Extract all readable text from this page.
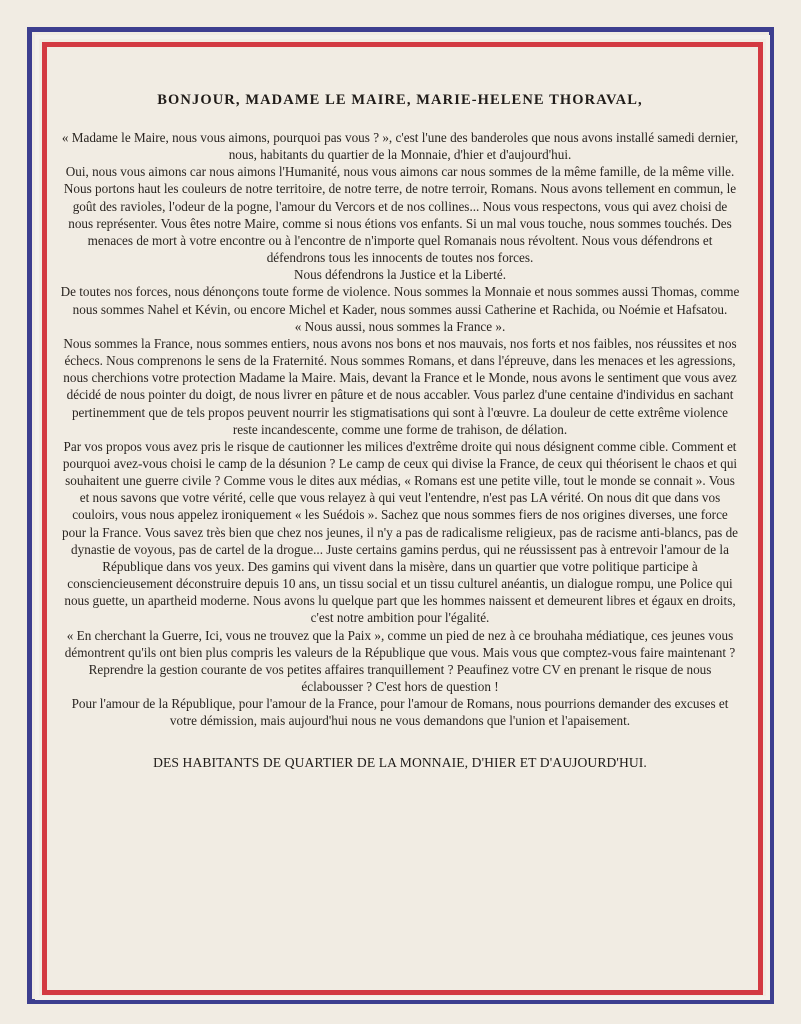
BONJOUR, MADAME LE MAIRE, MARIE-HELENE THORAVAL,

« Madame le Maire, nous vous aimons, pourquoi pas vous ? », c'est l'une des banderoles que nous avons installé samedi dernier, nous, habitants du quartier de la Monnaie, d'hier et d'aujourd'hui.

Oui, nous vous aimons car nous aimons l'Humanité, nous vous aimons car nous sommes de la même famille, de la même ville. Nous portons haut les couleurs de notre territoire, de notre terre, de notre terroir, Romans. Nous avons tellement en commun, le goût des ravioles, l'odeur de la pogne, l'amour du Vercors et de nos collines... Nous vous respectons, vous qui avez choisi de nous représenter. Vous êtes notre Maire, comme si nous étions vos enfants. Si un mal vous touche, nous sommes touchés. Des menaces de mort à votre encontre ou à l'encontre de n'importe quel Romanais nous révoltent. Nous vous défendrons et défendrons tous les innocents de toutes nos forces.

Nous défendrons la Justice et la Liberté.

De toutes nos forces, nous dénonçons toute forme de violence. Nous sommes la Monnaie et nous sommes aussi Thomas, comme nous sommes Nahel et Kévin, ou encore Michel et Kader, nous sommes aussi Catherine et Rachida, ou Noémie et Hafsatou.

« Nous aussi, nous sommes la France ».

Nous sommes la France, nous sommes entiers, nous avons nos bons et nos mauvais, nos forts et nos faibles, nos réussites et nos échecs. Nous comprenons le sens de la Fraternité. Nous sommes Romans, et dans l'épreuve, dans les menaces et les agressions, nous cherchions votre protection Madame la Maire. Mais, devant la France et le Monde, nous avons le sentiment que vous avez décidé de nous pointer du doigt, de nous livrer en pâture et de nous accabler. Vous parlez d'une centaine d'individus en sachant pertinemment que de tels propos peuvent nourrir les stigmatisations qui sont à l'œuvre. La douleur de cette extrême violence reste incandescente, comme une forme de trahison, de délation.

Par vos propos vous avez pris le risque de cautionner les milices d'extrême droite qui nous désignent comme cible. Comment et pourquoi avez-vous choisi le camp de la désunion ? Le camp de ceux qui divise la France, de ceux qui théorisent le chaos et qui souhaitent une guerre civile ? Comme vous le dites aux médias, « Romans est une petite ville, tout le monde se connait ». Vous et nous savons que votre vérité, celle que vous relayez à qui veut l'entendre, n'est pas LA vérité. On nous dit que dans vos couloirs, vous nous appelez ironiquement « les Suédois ». Sachez que nous sommes fiers de nos origines diverses, une force pour la France. Vous savez très bien que chez nos jeunes, il n'y a pas de radicalisme religieux, pas de racisme anti-blancs, pas de dynastie de voyous, pas de cartel de la drogue... Juste certains gamins perdus, qui ne réussissent pas à entrevoir l'amour de la République dans vos yeux. Des gamins qui vivent dans la misère, dans un quartier que votre politique participe à consciencieusement déconstruire depuis 10 ans, un tissu social et un tissu culturel anéantis, un dialogue rompu, une Police qui nous guette, un apartheid moderne. Nous avons lu quelque part que les hommes naissent et demeurent libres et égaux en droits, c'est notre ambition pour l'égalité.

« En cherchant la Guerre, Ici, vous ne trouvez que la Paix », comme un pied de nez à ce brouhaha médiatique, ces jeunes vous démontrent qu'ils ont bien plus compris les valeurs de la République que vous. Mais vous que comptez-vous faire maintenant ? Reprendre la gestion courante de vos petites affaires tranquillement ? Peaufinez votre CV en prenant le risque de nous éclabousser ? C'est hors de question !

Pour l'amour de la République, pour l'amour de la France, pour l'amour de Romans, nous pourrions demander des excuses et votre démission, mais aujourd'hui nous ne vous demandons que l'union et l'apaisement.

DES HABITANTS DE QUARTIER DE LA MONNAIE, D'HIER ET D'AUJOURD'HUI.
